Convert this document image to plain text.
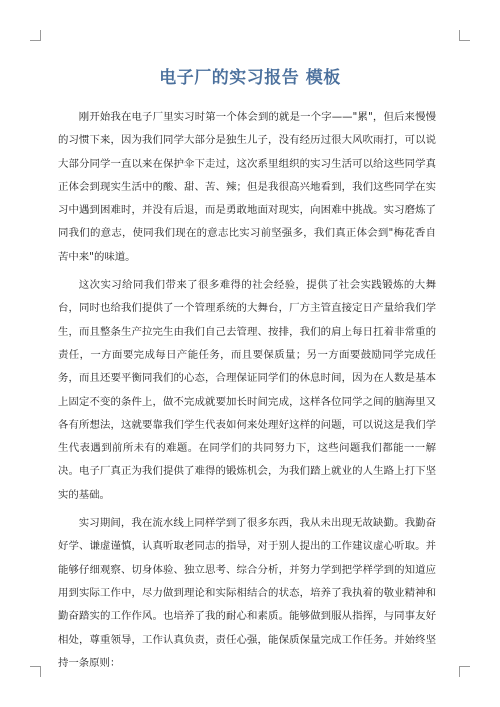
电子厂的实习报告 模板

刚开始我在电子厂里实习时第一个体会到的就是一个字——"累"，但后来慢慢的习惯下来，因为我们同学大部分是独生儿子，没有经历过很大风吹雨打，可以说大部分同学一直以来在保护伞下走过，这次系里组织的实习生活可以给这些同学真正体会到现实生活中的酸、甜、苦、辣；但是我很高兴地看到，我们这些同学在实习中遇到困难时，并没有后退，而是勇敢地面对现实，向困难中挑战。实习磨炼了同我们的意志，使同我们现在的意志比实习前坚强多，我们真正体会到"梅花香自苦中来"的味道。

这次实习给同我们带来了很多难得的社会经验，提供了社会实践锻炼的大舞台，同时也给我们提供了一个管理系统的大舞台，厂方主管直接定日产量给我们学生，而且整条生产拉完生由我们自己去管理、按排，我们的肩上每日扛着非常重的责任，一方面要完成每日产能任务，而且要保质量；另一方面要鼓励同学完成任务，而且还要平衡同我们的心态，合理保证同学们的休息时间，因为在人数是基本上固定不变的条件上，做不完成就要加长时间完成，这样各位同学之间的脑海里又各有所想法，这就要靠我们学生代表如何来处理好这样的问题，可以说这是我们学生代表遇到前所未有的难题。在同学们的共同努力下，这些问题我们都能一一解决。电子厂真正为我们提供了难得的锻炼机会，为我们踏上就业的人生路上打下坚实的基础。

实习期间，我在流水线上同样学到了很多东西，我从未出现无故缺勤。我勤奋好学、谦虚谨慎，认真听取老同志的指导，对于别人提出的工作建议虚心听取。并能够仔细观察、切身体验、独立思考、综合分析，并努力学到把学样学到的知道应用到实际工作中，尽力做到理论和实际相结合的状态，培养了我执着的敬业精神和勤奋踏实的工作作风。也培养了我的耐心和素质。能够做到服从指挥，与同事友好相处，尊重领导，工作认真负责，责任心强，能保质保量完成工作任务。并始终坚持一条原则：
